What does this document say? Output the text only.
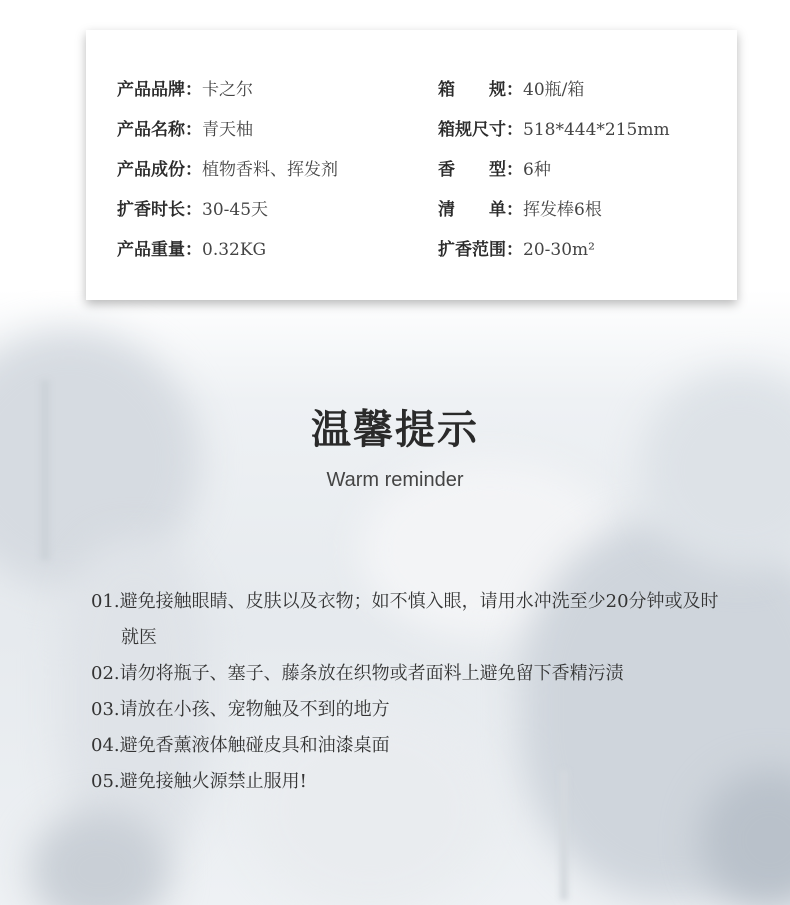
产品品牌： 卡之尔
产品名称： 青天柚
产品成份： 植物香料、挥发剂
扩香时长： 30-45天
产品重量： 0.32KG
箱　　规： 40瓶/箱
箱规尺寸： 518*444*215mm
香　　型： 6种
清　　单： 挥发棒6根
扩香范围： 20-30m²
温馨提示
Warm reminder
01.避免接触眼睛、皮肤以及衣物；如不慎入眼，请用水冲洗至少20分钟或及时就医
02.请勿将瓶子、塞子、藤条放在织物或者面料上避免留下香精污渍
03.请放在小孩、宠物触及不到的地方
04.避免香薰液体触碰皮具和油漆桌面
05.避免接触火源禁止服用!
